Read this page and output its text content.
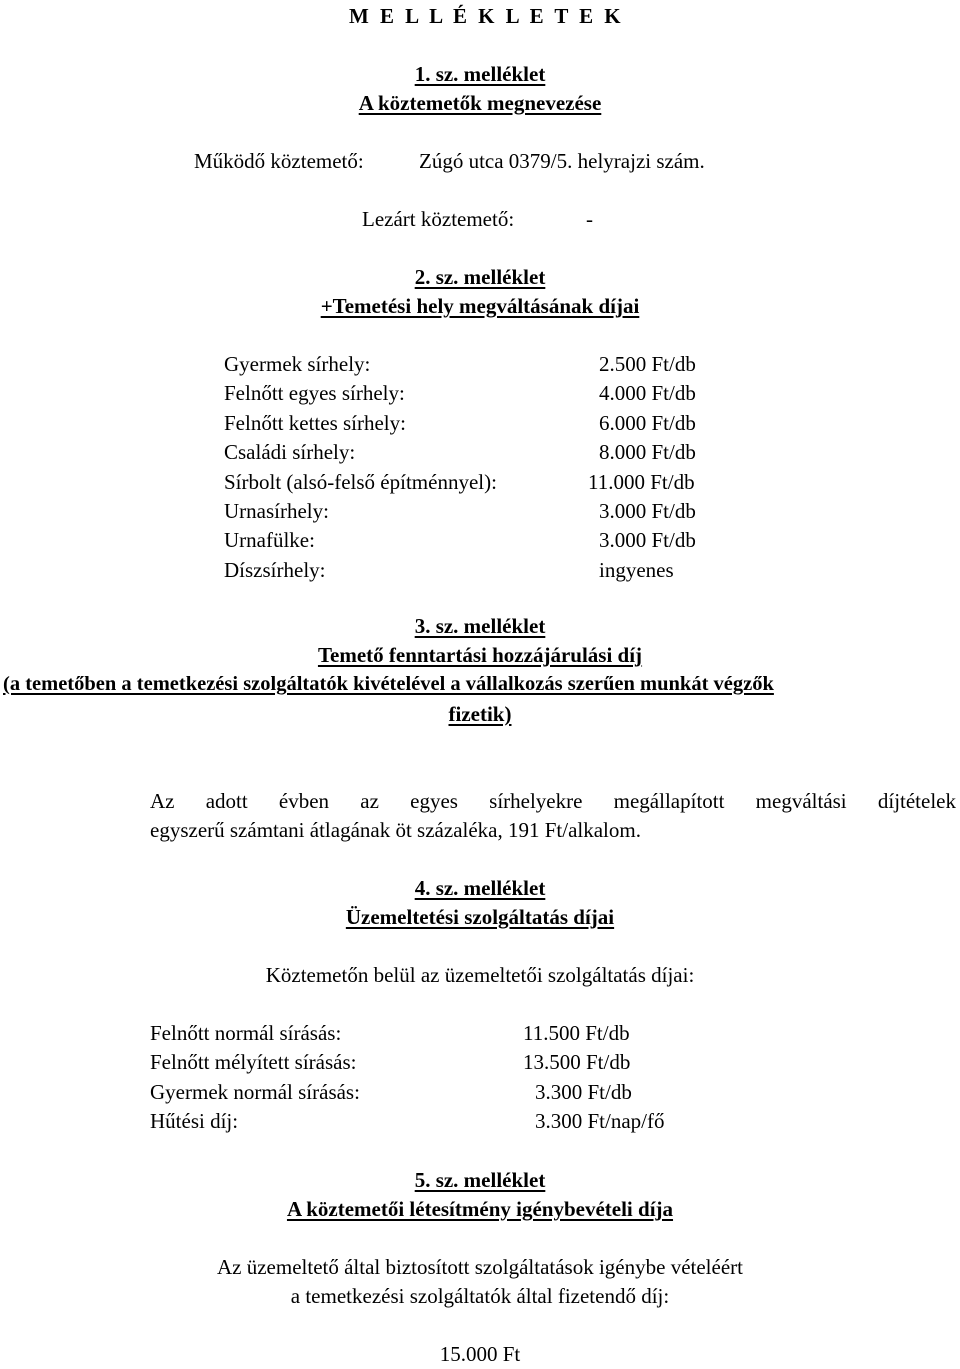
M E L L É K L E T E K
1. sz. melléklet
A köztemetők megnevezése
Működő köztemető:	Zúgó utca 0379/5. helyrajzi szám.
Lezárt köztemető:	-
2. sz. melléklet
+Temetési hely megváltásának díjai
Gyermek sírhely:	2.500 Ft/db
Felnőtt egyes sírhely:	4.000 Ft/db
Felnőtt kettes sírhely:	6.000 Ft/db
Családi sírhely:	8.000 Ft/db
Sírbolt (alsó-felső építménnyel):	11.000 Ft/db
Urnasírhely:	3.000 Ft/db
Urnafülke:	3.000 Ft/db
Díszsírhely:	ingyenes
3. sz. melléklet
Temető fenntartási hozzájárulási díj
(a temetőben a temetkezési szolgáltatók kivételével a vállalkozás szerűen munkát végzők
fizetik)
Az adott évben az egyes sírhelyekre megállapított megváltási díjtételek
egyszerű számtani átlagának öt százaléka, 191 Ft/alkalom.
4. sz. melléklet
Üzemeltetési szolgáltatás díjai
Köztemetőn belül az üzemeltetői szolgáltatás díjai:
Felnőtt normál sírásás:	11.500 Ft/db
Felnőtt mélyített sírásás:	13.500 Ft/db
Gyermek normál sírásás:	3.300 Ft/db
Hűtési díj:	3.300 Ft/nap/fő
5. sz. melléklet
A köztemetői létesítmény igénybevételi díja
Az üzemeltető által biztosított szolgáltatások igénybe vételéért
a temetkezési szolgáltatók által fizetendő díj:
15.000 Ft
